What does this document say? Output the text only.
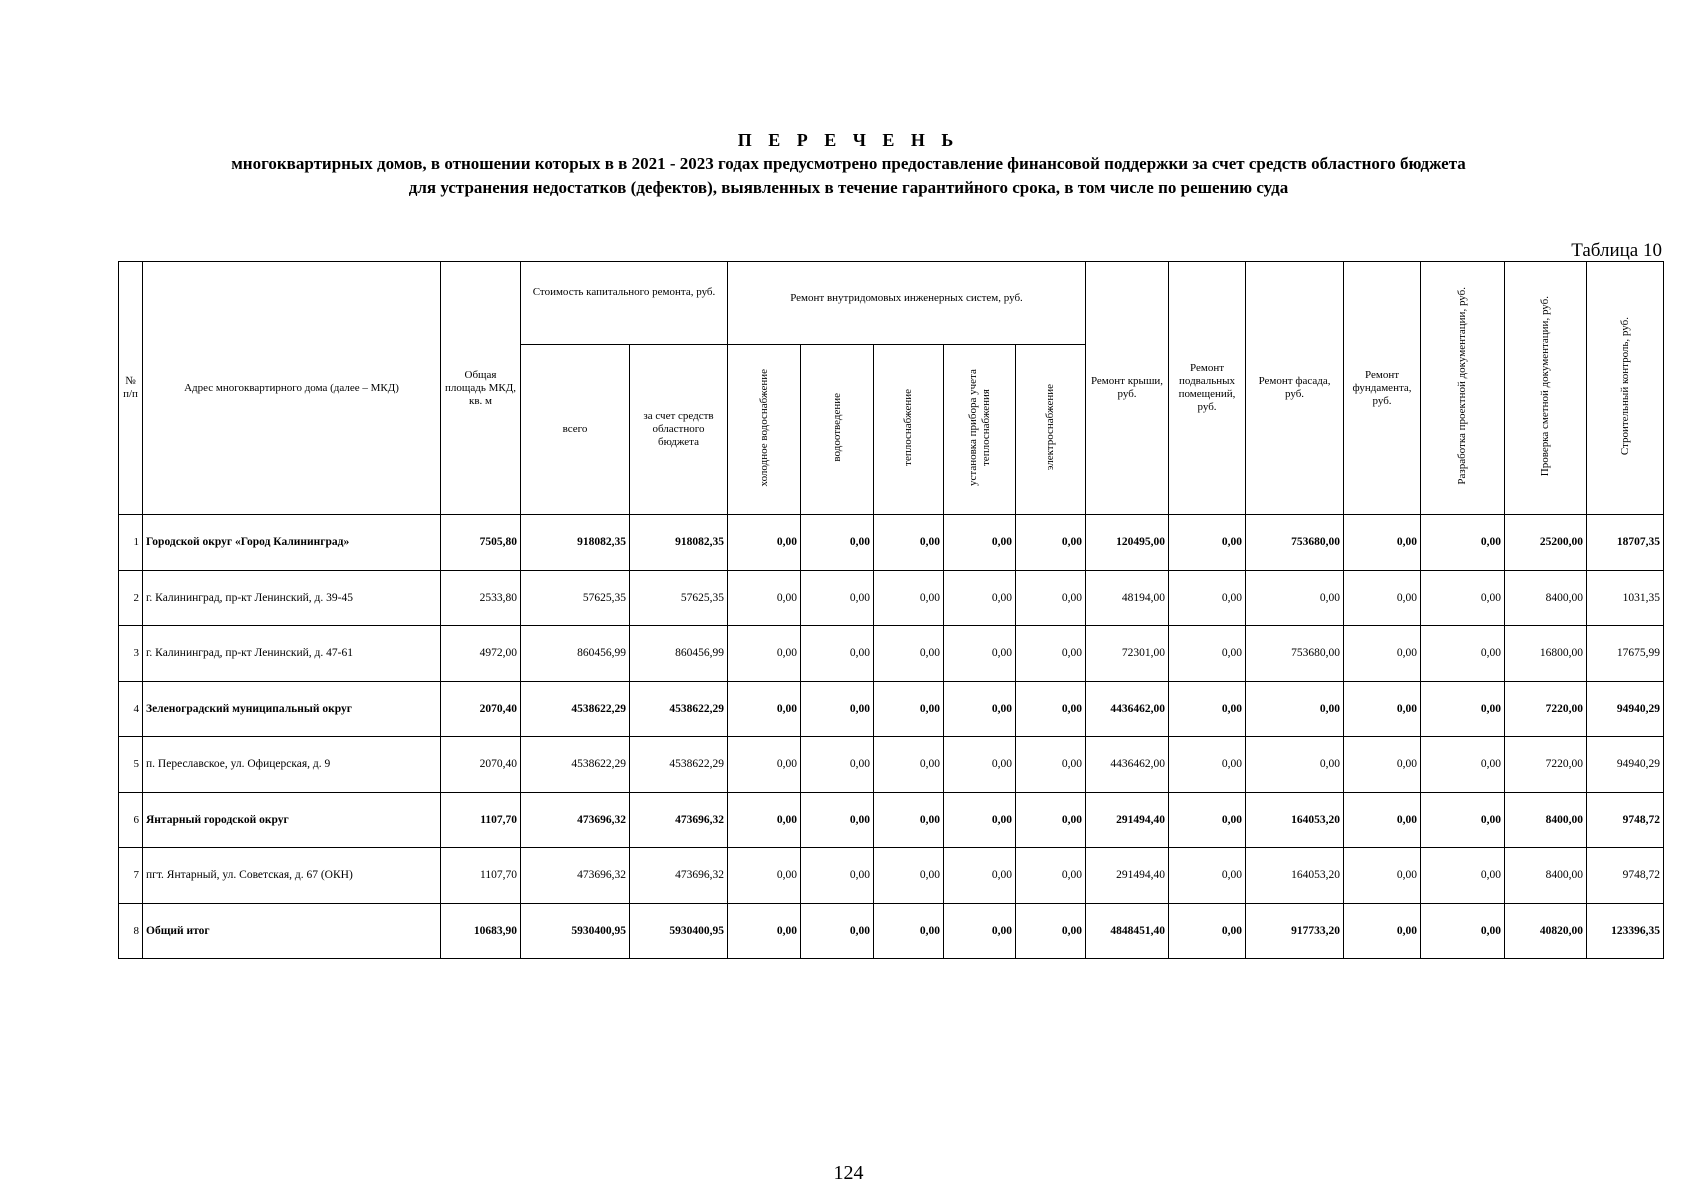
П Е Р Е Ч Е Н Ь
многоквартирных домов, в отношении которых в в 2021 - 2023 годах предусмотрено предоставление финансовой поддержки за счет средств областного бюджета
для устранения недостатков (дефектов), выявленных в течение гарантийного срока, в том числе по решению суда
Таблица 10
№ п/п	Адрес многоквартирного дома (далее – МКД)	Общая площадь МКД, кв. м	Стоимость капитального ремонта, руб.		Ремонт внутридомовых инженерных систем, руб.					Ремонт крыши, руб.	Ремонт подвальных помещений, руб.	Ремонт фасада, руб.	Ремонт фундамента, руб.	Разработка проектной документации, руб.	Проверка сметной документации, руб.	Строительный контроль, руб.
			всего	за счет средств областного бюджета	холодное водоснабжение	водоотведение	теплоснабжение	установка прибора учета теплоснабжения	электроснабжение							
1	Городской округ «Город Калининград»	7505,80	918082,35	918082,35	0,00	0,00	0,00	0,00	0,00	120495,00	0,00	753680,00	0,00	0,00	25200,00	18707,35
2	г. Калининград, пр-кт Ленинский, д. 39-45	2533,80	57625,35	57625,35	0,00	0,00	0,00	0,00	0,00	48194,00	0,00	0,00	0,00	0,00	8400,00	1031,35
3	г. Калининград, пр-кт Ленинский, д. 47-61	4972,00	860456,99	860456,99	0,00	0,00	0,00	0,00	0,00	72301,00	0,00	753680,00	0,00	0,00	16800,00	17675,99
4	Зеленоградский муниципальный округ	2070,40	4538622,29	4538622,29	0,00	0,00	0,00	0,00	0,00	4436462,00	0,00	0,00	0,00	0,00	7220,00	94940,29
5	п. Переславское, ул. Офицерская, д. 9	2070,40	4538622,29	4538622,29	0,00	0,00	0,00	0,00	0,00	4436462,00	0,00	0,00	0,00	0,00	7220,00	94940,29
6	Янтарный городской округ	1107,70	473696,32	473696,32	0,00	0,00	0,00	0,00	0,00	291494,40	0,00	164053,20	0,00	0,00	8400,00	9748,72
7	пгт. Янтарный, ул. Советская, д. 67 (ОКН)	1107,70	473696,32	473696,32	0,00	0,00	0,00	0,00	0,00	291494,40	0,00	164053,20	0,00	0,00	8400,00	9748,72
8	Общий итог	10683,90	5930400,95	5930400,95	0,00	0,00	0,00	0,00	0,00	4848451,40	0,00	917733,20	0,00	0,00	40820,00	123396,35
124
